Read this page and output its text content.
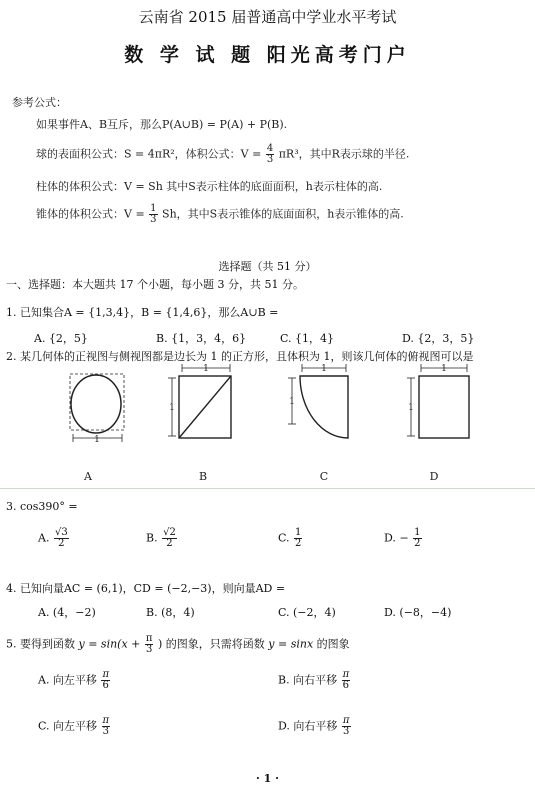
云南省 2015 届普通高中学业水平考试
数 学 试 题 阳光高考门户
参考公式：
如果事件A、B互斥，那么P(A∪B) = P(A) + P(B).
球的表面积公式：S = 4πR²，体积公式：$V = \frac{4}{3} \pi R^3$，其中R表示球的半径.
柱体的体积公式：V = Sh 其中S表示柱体的底面面积，h表示柱体的高.
锥体的体积公式：$V = \frac{1}{3}$ Sh，其中S表示锥体的底面面积，h表示锥体的高.
选择题（共 51 分）
一、选择题：本大题共 17 个小题，每小题 3 分，共 51 分。
1. 已知集合A = {1,3,4}，B = {1,4,6}，那么A∪B =
A. {2，5}	B. {1，3，4，6}	C. {1，4}	D. {2，3，5}
2. 某几何体的正视图与侧视图都是边长为 1 的正方形，且体积为 1，则该几何体的俯视图可以是
1
1
1
1
1
1
1
A	B	C	D
3. cos390° =
A. $\frac{√3}{2}$	B. $\frac{√2}{2}$	C. $\frac{1}{2}$	D. − $\frac{1}{2}$
4. 已知向量AC = (6,1)，CD = (−2,−3)，则向量AD =
A. (4，−2)	B. (8，4)	C. (−2，4)	D. (−8，−4)
5. 要得到函数 $y = \sin(x + \frac{\pi}{3}$ ) 的图象，只需将函数 y = sinx 的图象
A. 向左平移 $\frac{\pi}{6}$	B. 向右平移 $\frac{\pi}{6}$
C. 向左平移 $\frac{\pi}{3}$	D. 向右平移 $\frac{\pi}{3}$
· 1 ·
